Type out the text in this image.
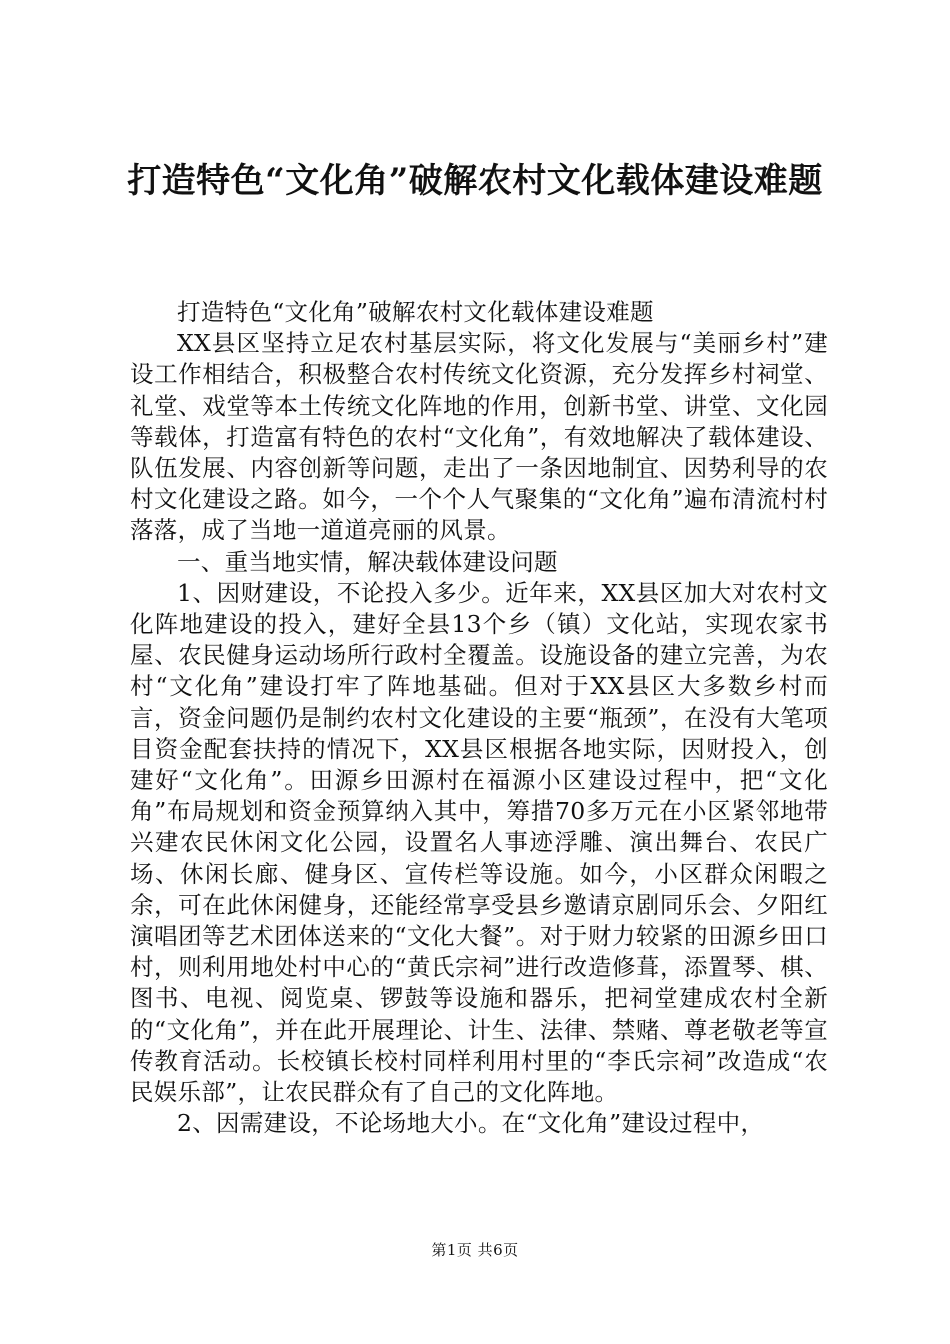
打造特色“文化角”破解农村文化载体建设难题

打造特色“文化角”破解农村文化载体建设难题

XX县区坚持立足农村基层实际，将文化发展与“美丽乡村”建设工作相结合，积极整合农村传统文化资源，充分发挥乡村祠堂、礼堂、戏堂等本土传统文化阵地的作用，创新书堂、讲堂、文化园等载体，打造富有特色的农村“文化角”，有效地解决了载体建设、队伍发展、内容创新等问题，走出了一条因地制宜、因势利导的农村文化建设之路。如今，一个个人气聚集的“文化角”遍布清流村村落落，成了当地一道道亮丽的风景。

一、重当地实情，解决载体建设问题

1、因财建设，不论投入多少。近年来，XX县区加大对农村文化阵地建设的投入，建好全县13个乡（镇）文化站，实现农家书屋、农民健身运动场所行政村全覆盖。设施设备的建立完善，为农村“文化角”建设打牢了阵地基础。但对于XX县区大多数乡村而言，资金问题仍是制约农村文化建设的主要“瓶颈”，在没有大笔项目资金配套扶持的情况下，XX县区根据各地实际，因财投入，创建好“文化角”。田源乡田源村在福源小区建设过程中，把“文化角”布局规划和资金预算纳入其中，筹措70多万元在小区紧邻地带兴建农民休闲文化公园，设置名人事迹浮雕、演出舞台、农民广场、休闲长廊、健身区、宣传栏等设施。如今，小区群众闲暇之余，可在此休闲健身，还能经常享受县乡邀请京剧同乐会、夕阳红演唱团等艺术团体送来的“文化大餐”。对于财力较紧的田源乡田口村，则利用地处村中心的“黄氏宗祠”进行改造修葺，添置琴、棋、图书、电视、阅览桌、锣鼓等设施和器乐，把祠堂建成农村全新的“文化角”，并在此开展理论、计生、法律、禁赌、尊老敬老等宣传教育活动。长校镇长校村同样利用村里的“李氏宗祠”改造成“农民娱乐部”，让农民群众有了自己的文化阵地。

2、因需建设，不论场地大小。在“文化角”建设过程中，

第1页 共6页
